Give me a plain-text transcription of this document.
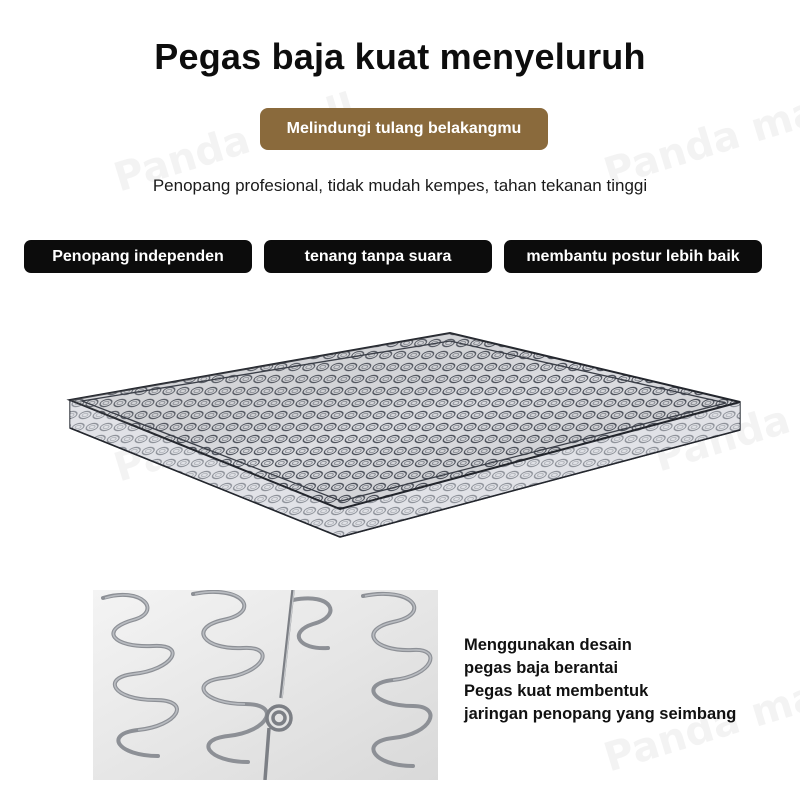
Pegas baja kuat menyeluruh
Melindungi tulang belakangmu

Penopang profesional, tidak mudah kempes, tahan tekanan tinggi

Penopang independen	tenang tanpa suara	membantu postur lebih baik
Menggunakan desain
pegas baja berantai
Pegas kuat membentuk
jaringan penopang yang seimbang
